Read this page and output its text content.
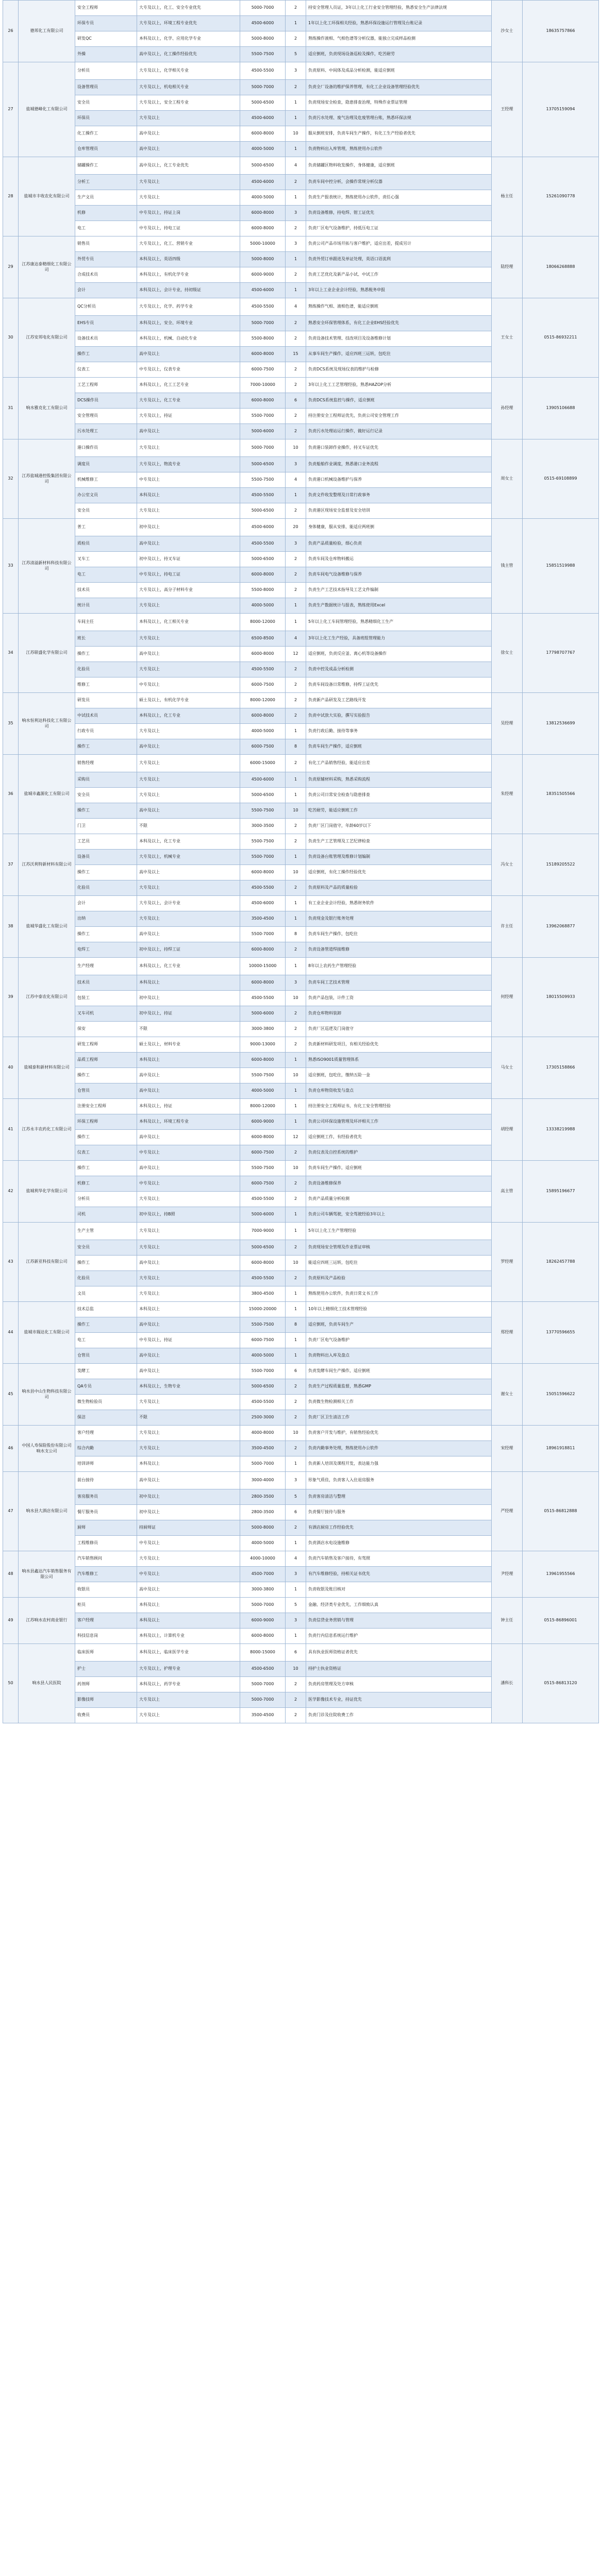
26	德邦化工有限公司	安全工程师	大专及以上，化工、安全专业优先	5000-7000	2	持安全管理人员证，3年以上化工行业安全管理经验，熟悉安全生产法律法规	沙女士	18635757866
		环保专员	大专及以上，环境工程专业优先	4500-6000	1	1年以上化工环保相关经验，熟悉环保设施运行管理及台账记录		
		研发QC	本科及以上，化学、应用化学专业	5000-8000	2	熟练操作液相、气相色谱等分析仪器，能独立完成样品检测		
		外操	高中及以上，化工操作经验优先	5500-7500	5	适应倒班，负责现场设备巡检及操作，吃苦耐劳		
27	盐城德峰化工有限公司	分析员	大专及以上，化学相关专业	4500-5500	3	负责原料、中间体及成品分析检测，能适应倒班	王经理	13705159094
		设备管理员	大专及以上，机电相关专业	5000-7000	2	负责全厂设备的维护保养管理，有化工企业设备管理经验优先		
		安全员	大专及以上，安全工程专业	5000-6500	1	负责现场安全检查，隐患排查治理，特殊作业票证管理		
		环保员	大专及以上	4500-6000	1	负责污水处理、废气治理及危废管理台账，熟悉环保法规		
		化工操作工	高中及以上	6000-8000	10	服从倒班安排，负责车间生产操作，有化工生产经验者优先		
		仓库管理员	高中及以上	4000-5000	1	负责物料出入库管理，熟练使用办公软件		
28	盐城市丰收农化有限公司	储罐操作工	高中及以上，化工专业优先	5000-6500	4	负责储罐区物料收发操作，身体健康，适应倒班	杨主任	15261090778
		分析工	大专及以上	4500-6000	2	负责车间中控分析，会操作常规分析仪器		
		生产文员	大专及以上	4000-5000	1	负责生产报表统计，熟练使用办公软件，责任心强		
		机修	中专及以上，持证上岗	6000-8000	3	负责设备维修，持电焊、钳工证优先		
		电工	中专及以上，持电工证	6000-8000	2	负责厂区电气设备维护，持低压电工证		
29	江苏康达泰精细化工有限公司	销售员	大专及以上，化工、营销专业	5000-10000	3	负责公司产品市场开拓与客户维护，适应出差，提成另计	陆经理	18066268888
		外贸专员	本科及以上，英语四级	5000-8000	1	负责外贸订单跟进及单证处理，英语口语流利		
		合成技术员	本科及以上，有机化学专业	6000-9000	2	负责工艺优化及新产品小试、中试工作		
		会计	本科及以上，会计专业，持初级证	4500-6000	1	3年以上工业企业会计经验，熟悉税务申报		
30	江苏安邦电化有限公司	QC分析员	大专及以上，化学、药学专业	4500-5500	4	熟练操作气相、液相色谱，能适应倒班	王女士	0515-86932211
		EHS专员	本科及以上，安全、环境专业	5000-7000	2	熟悉安全环保管理体系，有化工企业EHS经验优先		
		设备技术员	本科及以上，机械、自动化专业	5500-8000	2	负责设备技术管理、技改项目及设备维修计划		
		操作工	高中及以上	6000-8000	15	从事车间生产操作，适应四班三运转，包吃住		
		仪表工	中专及以上，仪表专业	6000-7500	2	负责DCS系统及现场仪表的维护与检修		
31	响水雅克化工有限公司	工艺工程师	本科及以上，化工工艺专业	7000-10000	2	3年以上化工工艺管理经验，熟悉HAZOP分析	孙经理	13905106688
		DCS操作员	大专及以上，化工专业	6000-8000	6	负责DCS系统监控与操作，适应倒班		
		安全管理员	大专及以上，持证	5500-7000	2	持注册安全工程师证优先，负责公司安全管理工作		
		污水处理工	高中及以上	5000-6000	2	负责污水处理站运行操作，做好运行记录		
32	江苏盐城港控股集团有限公司	港口操作员	大专及以上	5000-7000	10	负责港口装卸作业操作，持叉车证优先	周女士	0515-69108899
		调度员	大专及以上，物流专业	5000-6500	3	负责船舶作业调度，熟悉港口业务流程		
		机械维修工	中专及以上	5500-7500	4	负责港口机械设备维护与保养		
		办公室文员	本科及以上	4500-5500	1	负责文件收发整理及日常行政事务		
		安全员	大专及以上	5000-6500	2	负责港区现场安全监督及安全培训		
33	江苏清溢新材料科技有限公司	普工	初中及以上	4500-6000	20	身体健康，服从安排，能适应两班倒	钱主管	15851519988
		质检员	高中及以上	4500-5500	3	负责产品质量检验，细心负责		
		叉车工	初中及以上，持叉车证	5000-6500	2	负责车间及仓库物料搬运		
		电工	中专及以上，持电工证	6000-8000	2	负责车间电气设备维修与保养		
		技术员	大专及以上，高分子材料专业	5500-8000	2	负责生产工艺技术指导及工艺文件编制		
		统计员	大专及以上	4000-5000	1	负责生产数据统计与报表，熟练使用Excel		
34	江苏联盛化学有限公司	车间主任	本科及以上，化工相关专业	8000-12000	1	5年以上化工车间管理经验，熟悉精细化工生产	徐女士	17798707767
		班长	大专及以上	6500-8500	4	3年以上化工生产经验，具备班组管理能力		
		操作工	高中及以上	6000-8000	12	适应倒班，负责反应釜、离心机等设备操作		
		化验员	大专及以上	4500-5500	2	负责中控及成品分析检测		
		维修工	中专及以上	6000-7500	2	负责车间设备日常维修，持焊工证优先		
35	响水恒利达科技化工有限公司	研发员	硕士及以上，有机化学专业	8000-12000	2	负责新产品研发及工艺路线开发	吴经理	13812536699
		中试技术员	本科及以上，化工专业	6000-8000	2	负责中试放大实验，撰写实验报告		
		行政专员	大专及以上	4000-5000	1	负责行政后勤、接待等事务		
		操作工	高中及以上	6000-7500	8	负责车间生产操作，适应倒班		
36	盐城市鑫源化工有限公司	销售经理	大专及以上	6000-15000	2	有化工产品销售经验，能适应出差	朱经理	18351505566
		采购员	大专及以上	4500-6000	1	负责原辅材料采购，熟悉采购流程		
		安全员	大专及以上	5000-6500	1	负责公司日常安全检查与隐患排查		
		操作工	高中及以上	5500-7500	10	吃苦耐劳，能适应倒班工作		
		门卫	不限	3000-3500	2	负责厂区门岗值守，年龄60岁以下		
37	江苏沃利特新材料有限公司	工艺员	本科及以上，化工专业	5500-7500	2	负责生产工艺管理及工艺纪律检查	冯女士	15189205522
		设备员	大专及以上，机械专业	5500-7000	1	负责设备台账管理及维修计划编制		
		操作工	高中及以上	6000-8000	10	适应倒班，有化工操作经验优先		
		化验员	大专及以上	4500-5500	2	负责原料及产品的质量检验		
38	盐城华盛化工有限公司	会计	大专及以上，会计专业	4500-6000	1	有工业企业会计经验，熟悉财务软件	许主任	13962068877
		出纳	大专及以上	3500-4500	1	负责现金及银行账务处理		
		操作工	高中及以上	5500-7000	8	负责车间生产操作，包吃住		
		电焊工	初中及以上，持焊工证	6000-8000	2	负责设备管道焊接维修		
39	江苏中泰农化有限公司	生产经理	本科及以上，化工专业	10000-15000	1	8年以上农药生产管理经验	何经理	18015509933
		技术员	本科及以上	6000-8000	3	负责车间工艺技术管理		
		包装工	初中及以上	4500-5500	10	负责产品包装，计件工资		
		叉车司机	初中及以上，持证	5000-6000	2	负责仓库物料装卸		
		保安	不限	3000-3800	2	负责厂区巡逻及门岗值守		
40	盐城泰和新材料有限公司	研发工程师	硕士及以上，材料专业	9000-13000	2	负责新材料研发项目，有相关经验优先	马女士	17305158866
		品质工程师	本科及以上	6000-8000	1	熟悉ISO9001质量管理体系		
		操作工	高中及以上	5500-7500	10	适应倒班，包吃住，缴纳五险一金		
		仓管员	高中及以上	4000-5000	1	负责仓库物资收发与盘点		
41	江苏永丰农药化工有限公司	注册安全工程师	本科及以上，持证	8000-12000	1	持注册安全工程师证书，有化工安全管理经验	胡经理	13338219988
		环保工程师	本科及以上，环境工程专业	6000-9000	1	负责公司环保设施管理及环评相关工作		
		操作工	高中及以上	6000-8000	12	适应倒班工作，有经验者优先		
		仪表工	中专及以上	6000-7500	2	负责仪表及自控系统的维护		
42	盐城利华化学有限公司	操作工	高中及以上	5500-7500	10	负责车间生产操作，适应倒班	高主管	15895196677
		机修工	中专及以上	6000-7500	2	负责设备维修保养		
		分析员	大专及以上	4500-5500	2	负责产品质量分析检测		
		司机	初中及以上，持B照	5000-6000	1	负责公司车辆驾驶，安全驾驶经验3年以上		
43	江苏新亚科技有限公司	生产主管	大专及以上	7000-9000	1	5年以上化工生产管理经验	罗经理	18262457788
		安全员	大专及以上	5000-6500	2	负责现场安全管理及作业票证审核		
		操作工	高中及以上	6000-8000	10	能适应四班三运转，包吃住		
		化验员	大专及以上	4500-5500	2	负责原料及产品检验		
		文员	大专及以上	3800-4500	1	熟练使用办公软件，负责日常文书工作		
44	盐城市瑞达化工有限公司	技术总监	本科及以上	15000-20000	1	10年以上精细化工技术管理经验	郑经理	13770596655
		操作工	高中及以上	5500-7500	8	适应倒班，负责车间生产		
		电工	中专及以上，持证	6000-7500	1	负责厂区电气设备维护		
		仓管员	高中及以上	4000-5000	1	负责物料出入库及盘点		
45	响水县中山生物科技有限公司	发酵工	高中及以上	5500-7000	6	负责发酵车间生产操作，适应倒班	谢女士	15051596622
		QA专员	本科及以上，生物专业	5000-6500	2	负责生产过程质量监督，熟悉GMP		
		微生物检验员	大专及以上	4500-5500	2	负责微生物检测相关工作		
		保洁	不限	2500-3000	2	负责厂区卫生清洁工作		
46	中国人寿保险股份有限公司响水支公司	客户经理	大专及以上	4000-8000	10	负责客户开发与维护，有销售经验优先	宋经理	18961918811
		综合内勤	大专及以上	3500-4500	2	负责内勤事务处理，熟练使用办公软件		
		培训讲师	本科及以上	5000-7000	1	负责新人培训及课程开发，表达能力强		
47	响水县大酒店有限公司	前台接待	高中及以上	3000-4000	3	形象气质佳，负责客人入住退房服务	严经理	0515-86812888
		客房服务员	初中及以上	2800-3500	5	负责客房清洁与整理		
		餐厅服务员	初中及以上	2800-3500	6	负责餐厅接待与服务		
		厨师	持厨师证	5000-8000	2	有酒店厨房工作经验优先		
		工程维修员	中专及以上	4000-5000	1	负责酒店水电设施维修		
48	响水县鑫达汽车销售服务有限公司	汽车销售顾问	大专及以上	4000-10000	4	负责汽车销售及客户接待，有驾照	尹经理	13961955566
		汽车维修工	中专及以上	4500-7000	3	有汽车维修经验，持相关证书优先		
		收银员	高中及以上	3000-3800	1	负责收银及账目核对		
49	江苏响水农村商业银行	柜员	本科及以上	5000-7000	5	金融、经济类专业优先，工作细致认真	钟主任	0515-86896001
		客户经理	本科及以上	6000-9000	3	负责信贷业务营销与管理		
		科技信息岗	本科及以上，计算机专业	6000-8000	1	负责行内信息系统运行维护		
50	响水县人民医院	临床医师	本科及以上，临床医学专业	8000-15000	6	具有执业医师资格证者优先	潘科长	0515-86813120
		护士	大专及以上，护理专业	4500-6500	10	持护士执业资格证		
		药剂师	本科及以上，药学专业	5000-7000	2	负责药房管理及处方审核		
		影像技师	大专及以上	5000-7000	2	医学影像技术专业，持证优先		
		收费员	大专及以上	3500-4500	2	负责门诊及住院收费工作		
